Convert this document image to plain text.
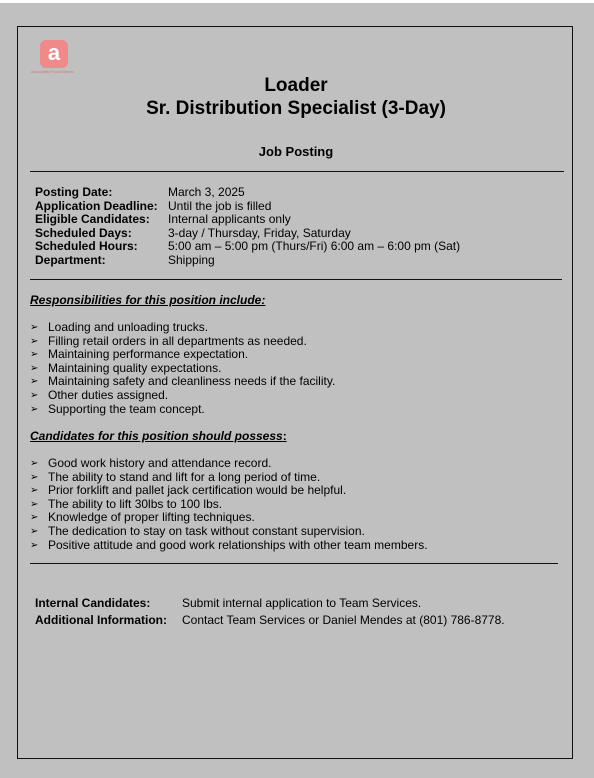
a
Associated Food Stores
Loader
Sr. Distribution Specialist (3-Day)
Job Posting
Posting Date:	March 3, 2025
Application Deadline: Until the job is filled
Eligible Candidates:	Internal applicants only
Scheduled Days:	3-day / Thursday, Friday, Saturday
Scheduled Hours:	5:00 am – 5:00 pm (Thurs/Fri) 6:00 am – 6:00 pm (Sat)
Department:	Shipping
Responsibilities for this position include:
➢ Loading and unloading trucks.
➢ Filling retail orders in all departments as needed.
➢ Maintaining performance expectation.
➢ Maintaining quality expectations.
➢ Maintaining safety and cleanliness needs if the facility.
➢ Other duties assigned.
➢ Supporting the team concept.
Candidates for this position should possess:
➢ Good work history and attendance record.
➢ The ability to stand and lift for a long period of time.
➢ Prior forklift and pallet jack certification would be helpful.
➢ The ability to lift 30lbs to 100 lbs.
➢ Knowledge of proper lifting techniques.
➢ The dedication to stay on task without constant supervision.
➢ Positive attitude and good work relationships with other team members.
Internal Candidates:	Submit internal application to Team Services.
Additional Information:	Contact Team Services or Daniel Mendes at (801) 786-8778.
